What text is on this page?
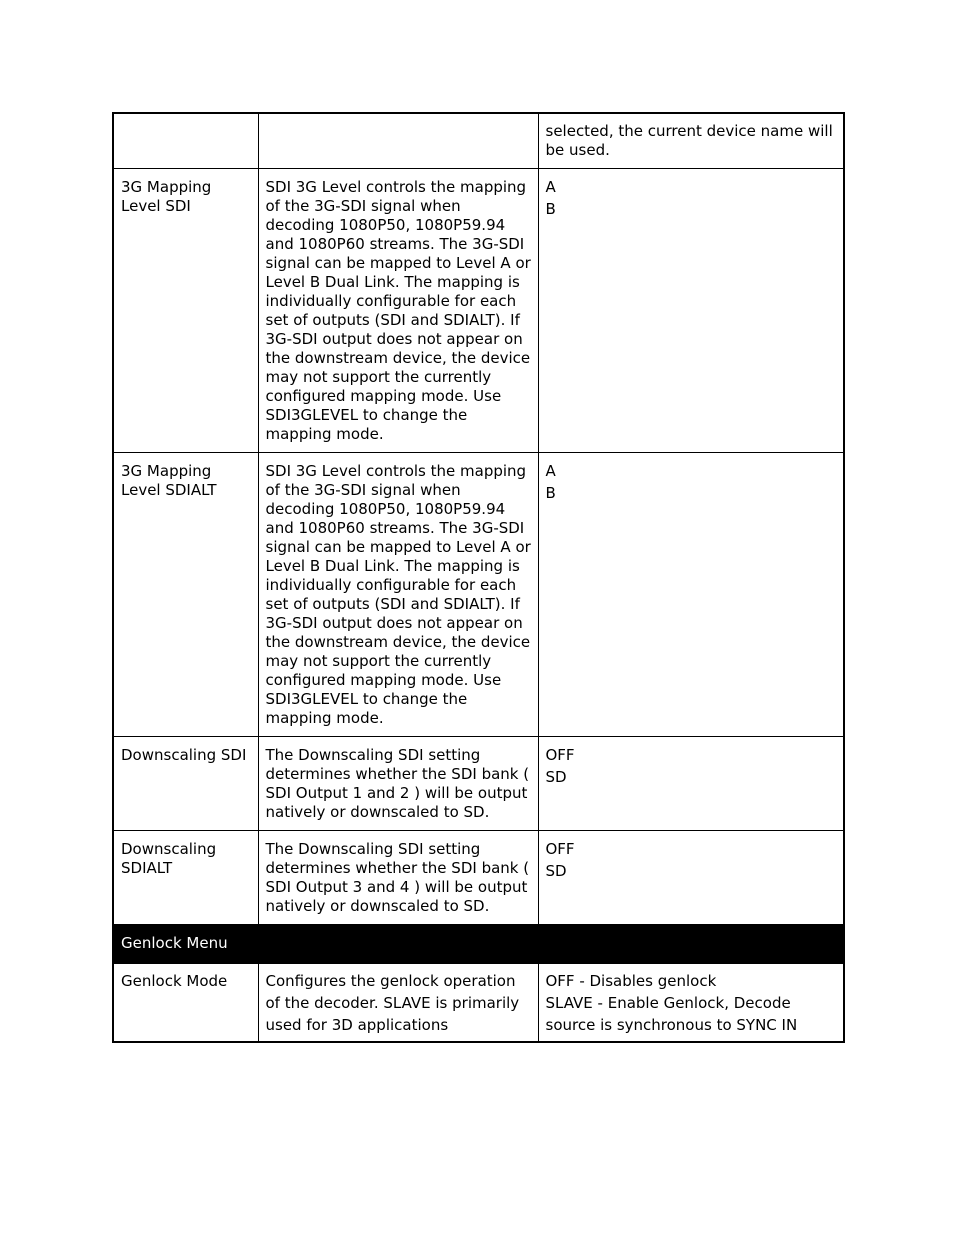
		selected, the current device name will be used.
3G Mapping Level SDI	SDI 3G Level controls the mapping of the 3G-SDI signal when decoding 1080P50, 1080P59.94 and 1080P60 streams. The 3G-SDI signal can be mapped to Level A or Level B Dual Link. The mapping is individually configurable for each set of outputs (SDI and SDIALT). If 3G-SDI output does not appear on the downstream device, the device may not support the currently configured mapping mode. Use SDI3GLEVEL to change the mapping mode.	A
B

3G Mapping Level SDIALT	SDI 3G Level controls the mapping of the 3G-SDI signal when decoding 1080P50, 1080P59.94 and 1080P60 streams. The 3G-SDI signal can be mapped to Level A or Level B Dual Link. The mapping is individually configurable for each set of outputs (SDI and SDIALT). If 3G-SDI output does not appear on the downstream device, the device may not support the currently configured mapping mode. Use SDI3GLEVEL to change the mapping mode.	A
B

Downscaling SDI	The Downscaling SDI setting determines whether the SDI bank ( SDI Output 1 and 2 ) will be output natively or downscaled to SD.	OFF
SD

Downscaling SDIALT	The Downscaling SDI setting determines whether the SDI bank ( SDI Output 3 and 4 ) will be output natively or downscaled to SD.	OFF
SD

Genlock Menu		
Genlock Mode	Configures the genlock operation of the decoder. SLAVE is primarily used for 3D applications	OFF - Disables genlock
SLAVE - Enable Genlock, Decode source is synchronous to SYNC IN
